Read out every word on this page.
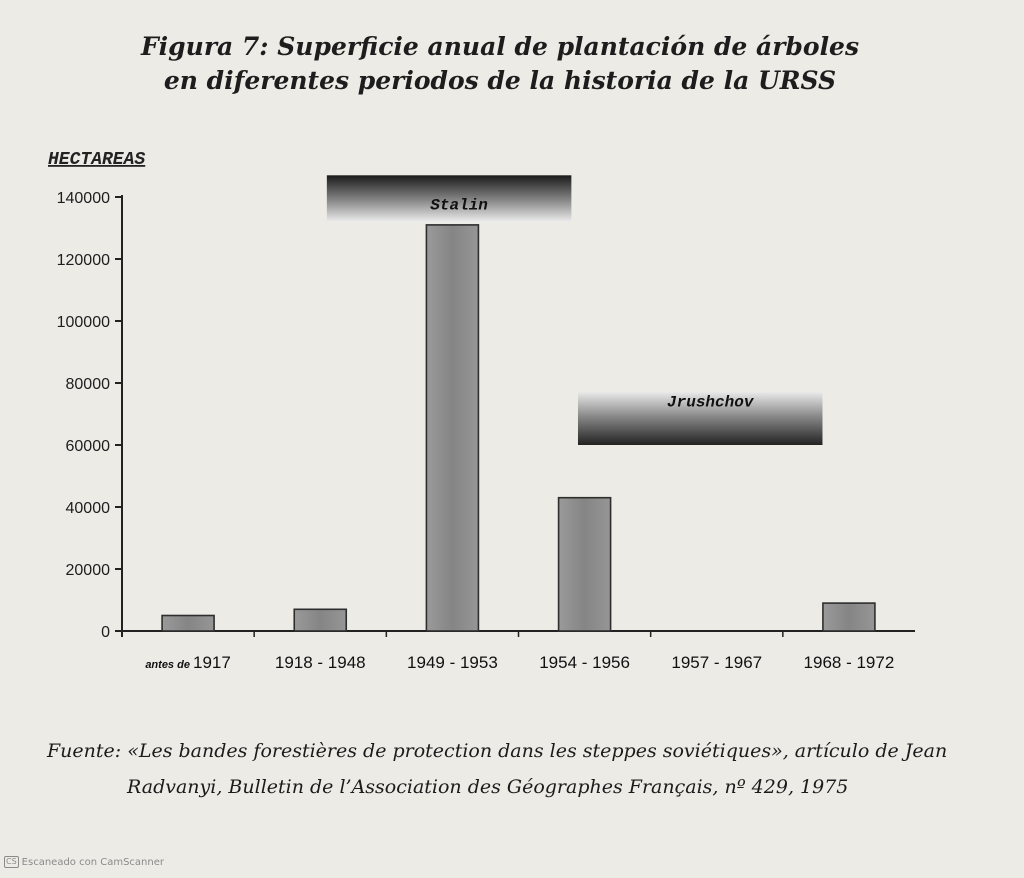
Figura 7: Superficie anual de plantación de árboles
en diferentes periodos de la historia de la URSS
HECTAREAS
0
20000
40000
60000
80000
100000
120000
140000	Stalin
Jrushchov
antes de 1917	1918 - 1948 1949 - 1953 1954 - 1956 1957 - 1967 1968 - 1972
Fuente: «Les bandes forestières de protection dans les steppes soviétiques», artículo de Jean
Radvanyi, Bulletin de l’Association des Géographes Français, nº 429, 1975
CS Escaneado con CamScanner
